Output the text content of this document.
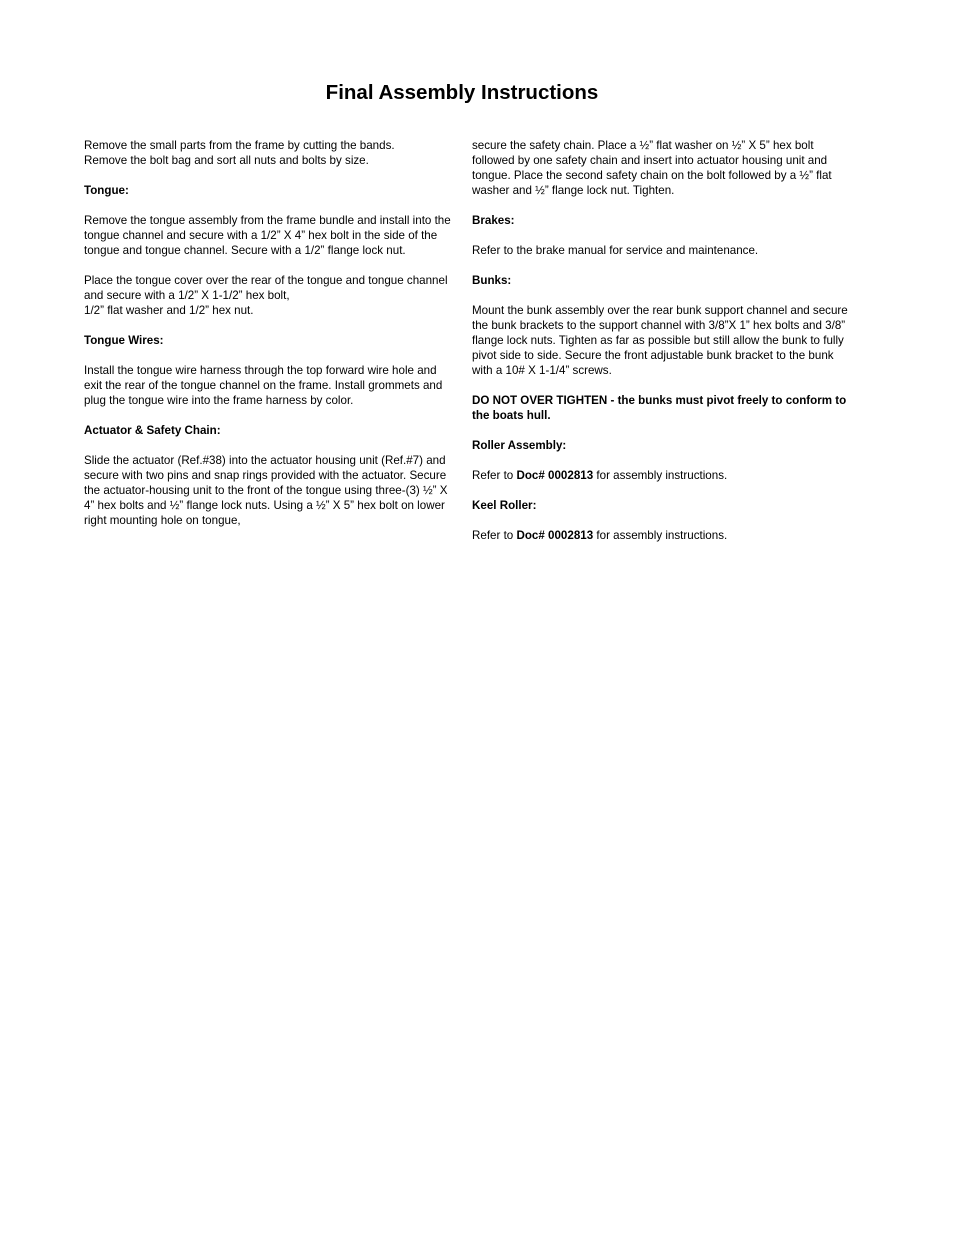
Final Assembly Instructions

Remove the small parts from the frame by cutting the bands.
Remove the bolt bag and sort all nuts and bolts by size.

Tongue:

Remove the tongue assembly from the frame bundle and install into the tongue channel and secure with a 1/2” X 4” hex bolt in the side of the tongue and tongue channel. Secure with a 1/2” flange lock nut.

Place the tongue cover over the rear of the tongue and tongue channel and secure with a 1/2” X 1-1/2” hex bolt,
1/2” flat washer and 1/2” hex nut.

Tongue Wires:

Install the tongue wire harness through the top forward wire hole and exit the rear of the tongue channel on the frame. Install grommets and plug the tongue wire into the frame harness by color.

Actuator & Safety Chain:

Slide the actuator (Ref.#38) into the actuator housing unit (Ref.#7) and secure with two pins and snap rings provided with the actuator. Secure the actuator-housing unit to the front of the tongue using three-(3) ½” X 4” hex bolts and ½” flange lock nuts. Using a ½” X 5” hex bolt on lower right mounting hole on tongue,

secure the safety chain. Place a ½” flat washer on ½” X 5” hex bolt followed by one safety chain and insert into actuator housing unit and tongue. Place the second safety chain on the bolt followed by a ½” flat washer and ½” flange lock nut. Tighten.

Brakes:

Refer to the brake manual for service and maintenance.

Bunks:

Mount the bunk assembly over the rear bunk support channel and secure the bunk brackets to the support channel with 3/8”X 1” hex bolts and 3/8” flange lock nuts. Tighten as far as possible but still allow the bunk to fully pivot side to side. Secure the front adjustable bunk bracket to the bunk with a 10# X 1-1/4” screws.

DO NOT OVER TIGHTEN - the bunks must pivot freely to conform to the boats hull.

Roller Assembly:

Refer to Doc# 0002813 for assembly instructions.

Keel Roller:

Refer to Doc# 0002813 for assembly instructions.
